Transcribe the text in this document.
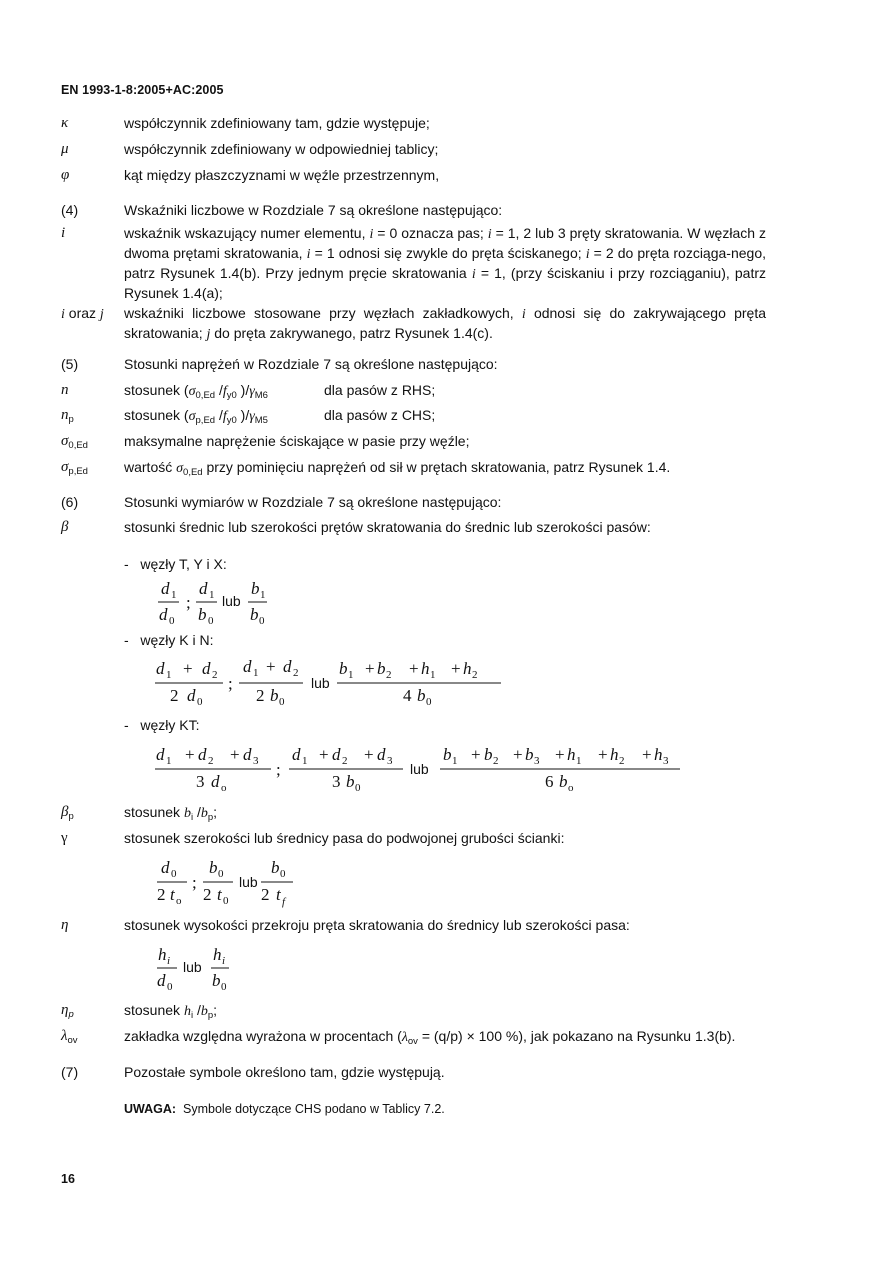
EN 1993-1-8:2005+AC:2005
κ	współczynnik zdefiniowany tam, gdzie występuje;
μ	współczynnik zdefiniowany w odpowiedniej tablicy;
φ	kąt między płaszczyznami w węźle przestrzennym,
(4)	Wskaźniki liczbowe w Rozdziale 7 są określone następująco:
i	wskaźnik wskazujący numer elementu, i = 0 oznacza pas; i = 1, 2 lub 3 pręty skratowania. W węzłach z dwoma prętami skratowania, i = 1 odnosi się zwykle do pręta ściskanego; i = 2 do pręta rozciąga-nego, patrz Rysunek 1.4(b). Przy jednym pręcie skratowania i = 1, (przy ściskaniu i przy rozciąganiu), patrz Rysunek 1.4(a);
i oraz j	wskaźniki liczbowe stosowane przy węzłach zakładkowych, i odnosi się do zakrywającego pręta skratowania; j do pręta zakrywanego, patrz Rysunek 1.4(c).
(5)	Stosunki naprężeń w Rozdziale 7 są określone następująco:
n	stosunek ($\sigma_{0,Ed}$ $/f_{y0}$ )$/\gamma_{M6}$	dla pasów z RHS;
$n_p$	stosunek ($\sigma_{p,Ed}$ $/f_{y0}$ )$/\gamma_{M5}$	dla pasów z CHS;
$\sigma_{0,Ed}$	maksymalne naprężenie ściskające w pasie przy węźle;
$\sigma_{p,Ed}$	wartość $\sigma_{0,Ed}$ przy pominięciu naprężeń od sił w prętach skratowania, patrz Rysunek 1.4.
(6)	Stosunki wymiarów w Rozdziale 7 są określone następująco:
β	stosunki średnic lub szerokości prętów skratowania do średnic lub szerokości pasów:
-   węzły T, Y i X:
d 1
d 0
;
d 1
b 0
lub
b 1
b 0
-   węzły K i N:
d 1 + d 2
2 d 0
;
d 1 + d 2
2 b 0
lub
b 1 + b 2 + h 1 + h 2
4 b 0
-   węzły KT:
d 1 + d 2 + d 3
3 d o
;
d 1 + d 2 + d 3
3 b 0
lub
b 1 + b 2 + b 3 + h 1 + h 2 + h 3
6 b o
$\beta_p$	stosunek $b_i$ $/b_p$;
γ	stosunek szerokości lub średnicy pasa do podwojonej grubości ścianki:
d 0
2 t o
;
b 0
2 t 0
lub
b 0
2 t f
η	stosunek wysokości przekroju pręta skratowania do średnicy lub szerokości pasa:
h i
d 0
lub
h i
b 0
$\eta_p$	stosunek $h_i$ $/b_p$;
$\lambda_{ov}$	zakładka względna wyrażona w procentach ($\lambda_{ov} = (q/p) \times 100$ %), jak pokazano na Rysunku 1.3(b).
(7)	Pozostałe symbole określono tam, gdzie występują.
UWAGA: Symbole dotyczące CHS podano w Tablicy 7.2.
16
